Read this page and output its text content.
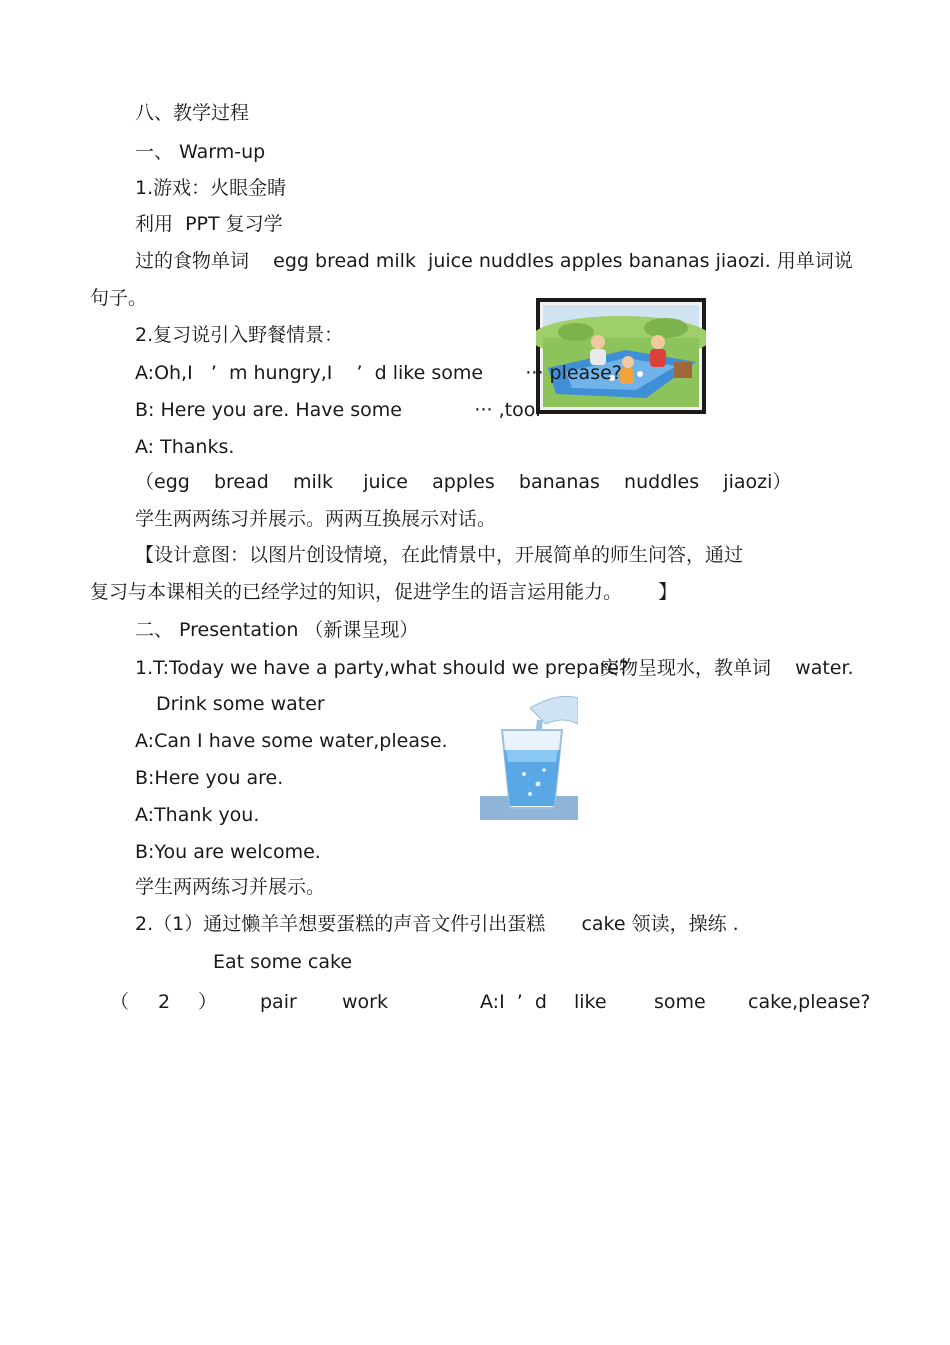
八、教学过程
一、 Warm-up
1.游戏：火眼金睛
利用  PPT 复习学
过的食物单词    egg bread milk  juice nuddles apples bananas jiaozi. 用单词说
句子。
2.复习说引入野餐情景：
A:Oh,I   ’  m hungry,I    ’  d like some       ··· please?
B: Here you are. Have some            ··· ,too.
A: Thanks.
（egg    bread    milk     juice    apples    bananas    nuddles    jiaozi）
学生两两练习并展示。两两互换展示对话。
【设计意图：以图片创设情境，在此情景中，开展简单的师生问答，通过
复习与本课相关的已经学过的知识，促进学生的语言运用能力。      】
二、 Presentation （新课呈现）
1.T:Today we have a party,what should we prepare?
实物呈现水，教单词    water.
Drink some water
A:Can I have some water,please.
B:Here you are.
A:Thank you.
B:You are welcome.
学生两两练习并展示。
2.（1）通过懒羊羊想要蛋糕的声音文件引出蛋糕      cake 领读，操练 .
Eat some cake
（ 2 ） pair work	A:I  ’  d like some cake,please?
